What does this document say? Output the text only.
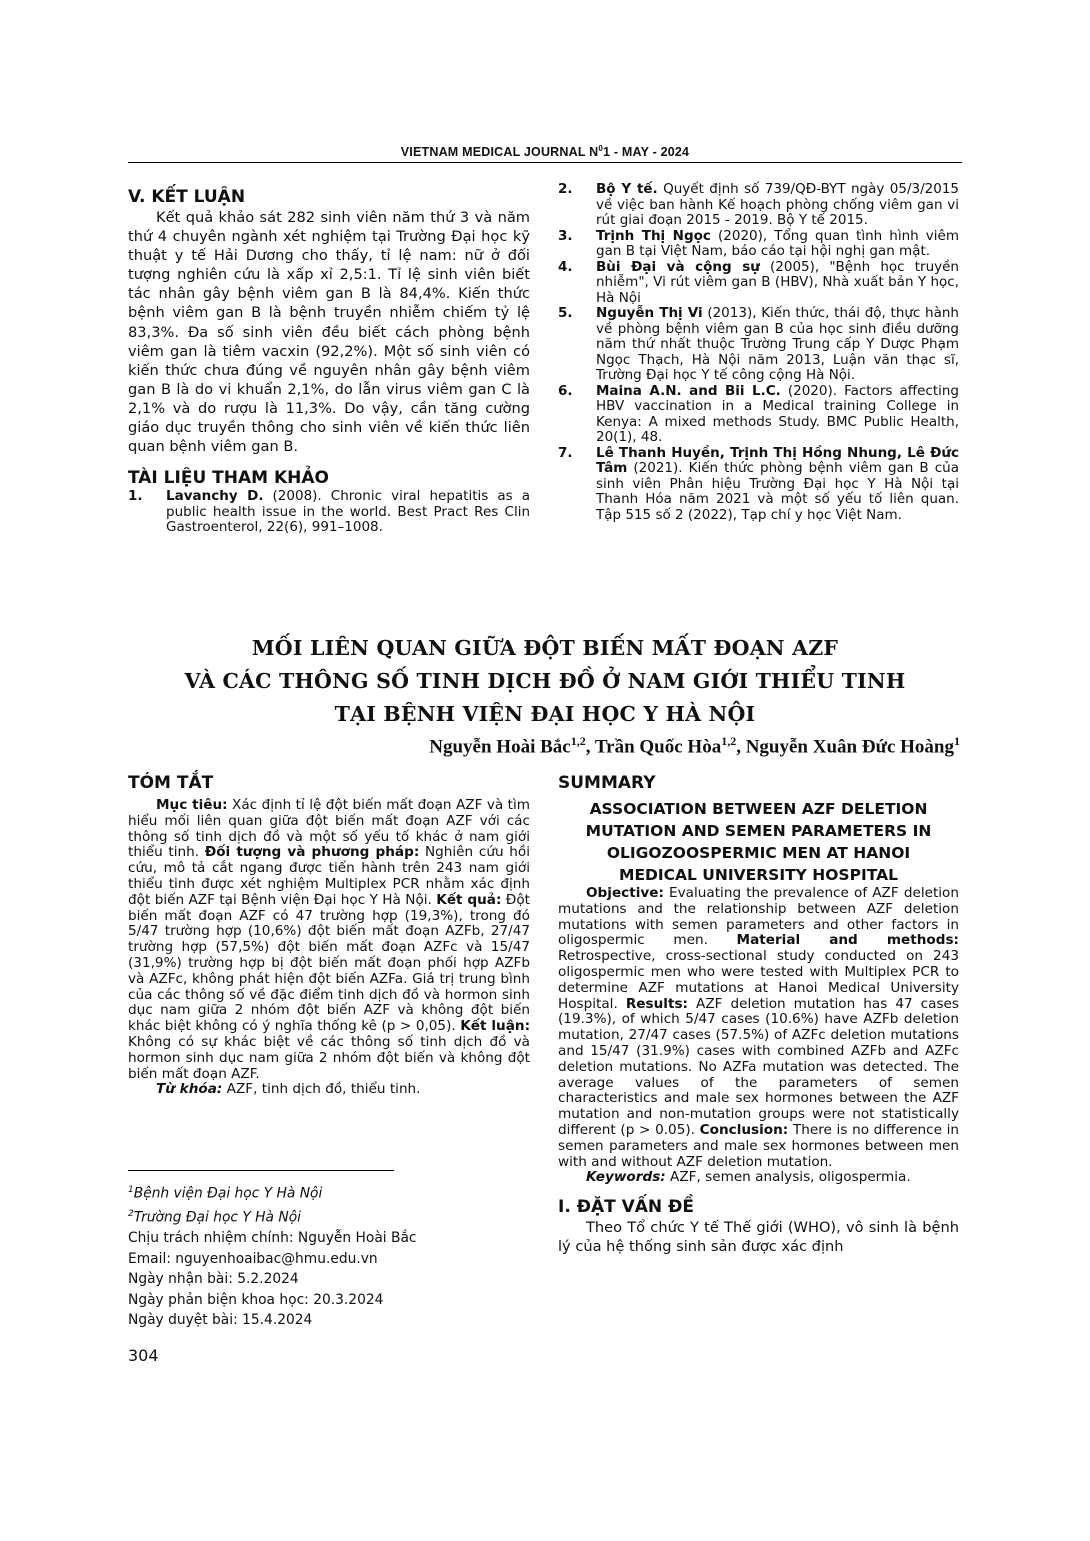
VIETNAM MEDICAL JOURNAL $N^01$ - MAY - 2024
V. KẾT LUẬN

Kết quả khảo sát 282 sinh viên năm thứ 3 và năm thứ 4 chuyên ngành xét nghiệm tại Trường Đại học kỹ thuật y tế Hải Dương cho thấy, tỉ lệ nam: nữ ở đối tượng nghiên cứu là xấp xỉ 2,5:1. Tỉ lệ sinh viên biết tác nhân gây bệnh viêm gan B là 84,4%. Kiến thức bệnh viêm gan B là bệnh truyền nhiễm chiếm tỷ lệ 83,3%. Đa số sinh viên đều biết cách phòng bệnh viêm gan là tiêm vacxin (92,2%). Một số sinh viên có kiến thức chưa đúng về nguyên nhân gây bệnh viêm gan B là do vi khuẩn 2,1%, do lẫn virus viêm gan C là 2,1% và do rượu là 11,3%. Do vậy, cần tăng cường giáo dục truyền thông cho sinh viên về kiến thức liên quan bệnh viêm gan B.

TÀI LIỆU THAM KHẢO
1. Lavanchy D. (2008). Chronic viral hepatitis as a public health issue in the world. Best Pract Res Clin Gastroenterol, 22(6), 991–1008.
2. Bộ Y tế. Quyết định số 739/QĐ-BYT ngày 05/3/2015 về việc ban hành Kế hoạch phòng chống viêm gan vi rút giai đoạn 2015 - 2019. Bộ Y tế 2015.
3. Trịnh Thị Ngọc (2020), Tổng quan tình hình viêm gan B tại Việt Nam, báo cáo tại hội nghị gan mật.
4. Bùi Đại và cộng sự (2005), "Bệnh học truyền nhiễm", Vi rút viêm gan B (HBV), Nhà xuất bản Y học, Hà Nội
5. Nguyễn Thị Vi (2013), Kiến thức, thái độ, thực hành về phòng bệnh viêm gan B của học sinh điều dưỡng năm thứ nhất thuộc Trường Trung cấp Y Dược Phạm Ngọc Thạch, Hà Nội năm 2013, Luận văn thạc sĩ, Trường Đại học Y tế công cộng Hà Nội.
6. Maina A.N. and Bii L.C. (2020). Factors affecting HBV vaccination in a Medical training College in Kenya: A mixed methods Study. BMC Public Health, 20(1), 48.
7. Lê Thanh Huyền, Trịnh Thị Hồng Nhung, Lê Đức Tâm (2021). Kiến thức phòng bệnh viêm gan B của sinh viên Phân hiệu Trường Đại học Y Hà Nội tại Thanh Hóa năm 2021 và một số yếu tố liên quan. Tập 515 số 2 (2022), Tạp chí y học Việt Nam.
MỐI LIÊN QUAN GIỮA ĐỘT BIẾN MẤT ĐOẠN AZF
VÀ CÁC THÔNG SỐ TINH DỊCH ĐỒ Ở NAM GIỚI THIỂU TINH
TẠI BỆNH VIỆN ĐẠI HỌC Y HÀ NỘI
Nguyễn Hoài Bắc$^{1,2}$, Trần Quốc Hòa$^{1,2}$, Nguyễn Xuân Đức Hoàng$^1$
TÓM TẮT

Mục tiêu: Xác định tỉ lệ đột biến mất đoạn AZF và tìm hiểu mối liên quan giữa đột biến mất đoạn AZF với các thông số tinh dịch đồ và một số yếu tố khác ở nam giới thiểu tinh. Đối tượng và phương pháp: Nghiên cứu hồi cứu, mô tả cắt ngang được tiến hành trên 243 nam giới thiểu tinh được xét nghiệm Multiplex PCR nhằm xác định đột biến AZF tại Bệnh viện Đại học Y Hà Nội. Kết quả: Đột biến mất đoạn AZF có 47 trường hợp (19,3%), trong đó 5/47 trường hợp (10,6%) đột biến mất đoạn AZFb, 27/47 trường hợp (57,5%) đột biến mất đoạn AZFc và 15/47 (31,9%) trường hợp bị đột biến mất đoạn phối hợp AZFb và AZFc, không phát hiện đột biến AZFa. Giá trị trung bình của các thông số về đặc điểm tinh dịch đồ và hormon sinh dục nam giữa 2 nhóm đột biến AZF và không đột biến khác biệt không có ý nghĩa thống kê (p > 0,05). Kết luận: Không có sự khác biệt về các thông số tinh dịch đồ và hormon sinh dục nam giữa 2 nhóm đột biến và không đột biến mất đoạn AZF.

Từ khóa: AZF, tinh dịch đồ, thiểu tinh.

$^1$Bệnh viện Đại học Y Hà Nội
$^2$Trường Đại học Y Hà Nội
Chịu trách nhiệm chính: Nguyễn Hoài Bắc
Email: nguyenhoaibac@hmu.edu.vn
Ngày nhận bài: 5.2.2024
Ngày phản biện khoa học: 20.3.2024
Ngày duyệt bài: 15.4.2024
SUMMARY
ASSOCIATION BETWEEN AZF DELETION
MUTATION AND SEMEN PARAMETERS IN
OLIGOZOOSPERMIC MEN AT HANOI
MEDICAL UNIVERSITY HOSPITAL

Objective: Evaluating the prevalence of AZF deletion mutations and the relationship between AZF deletion mutations with semen parameters and other factors in oligospermic men. Material and methods: Retrospective, cross-sectional study conducted on 243 oligospermic men who were tested with Multiplex PCR to determine AZF mutations at Hanoi Medical University Hospital. Results: AZF deletion mutation has 47 cases (19.3%), of which 5/47 cases (10.6%) have AZFb deletion mutation, 27/47 cases (57.5%) of AZFc deletion mutations and 15/47 (31.9%) cases with combined AZFb and AZFc deletion mutations. No AZFa mutation was detected. The average values of the parameters of semen characteristics and male sex hormones between the AZF mutation and non-mutation groups were not statistically different (p > 0.05). Conclusion: There is no difference in semen parameters and male sex hormones between men with and without AZF deletion mutation.

Keywords: AZF, semen analysis, oligospermia.

I. ĐẶT VẤN ĐỀ

Theo Tổ chức Y tế Thế giới (WHO), vô sinh là bệnh lý của hệ thống sinh sản được xác định

304
